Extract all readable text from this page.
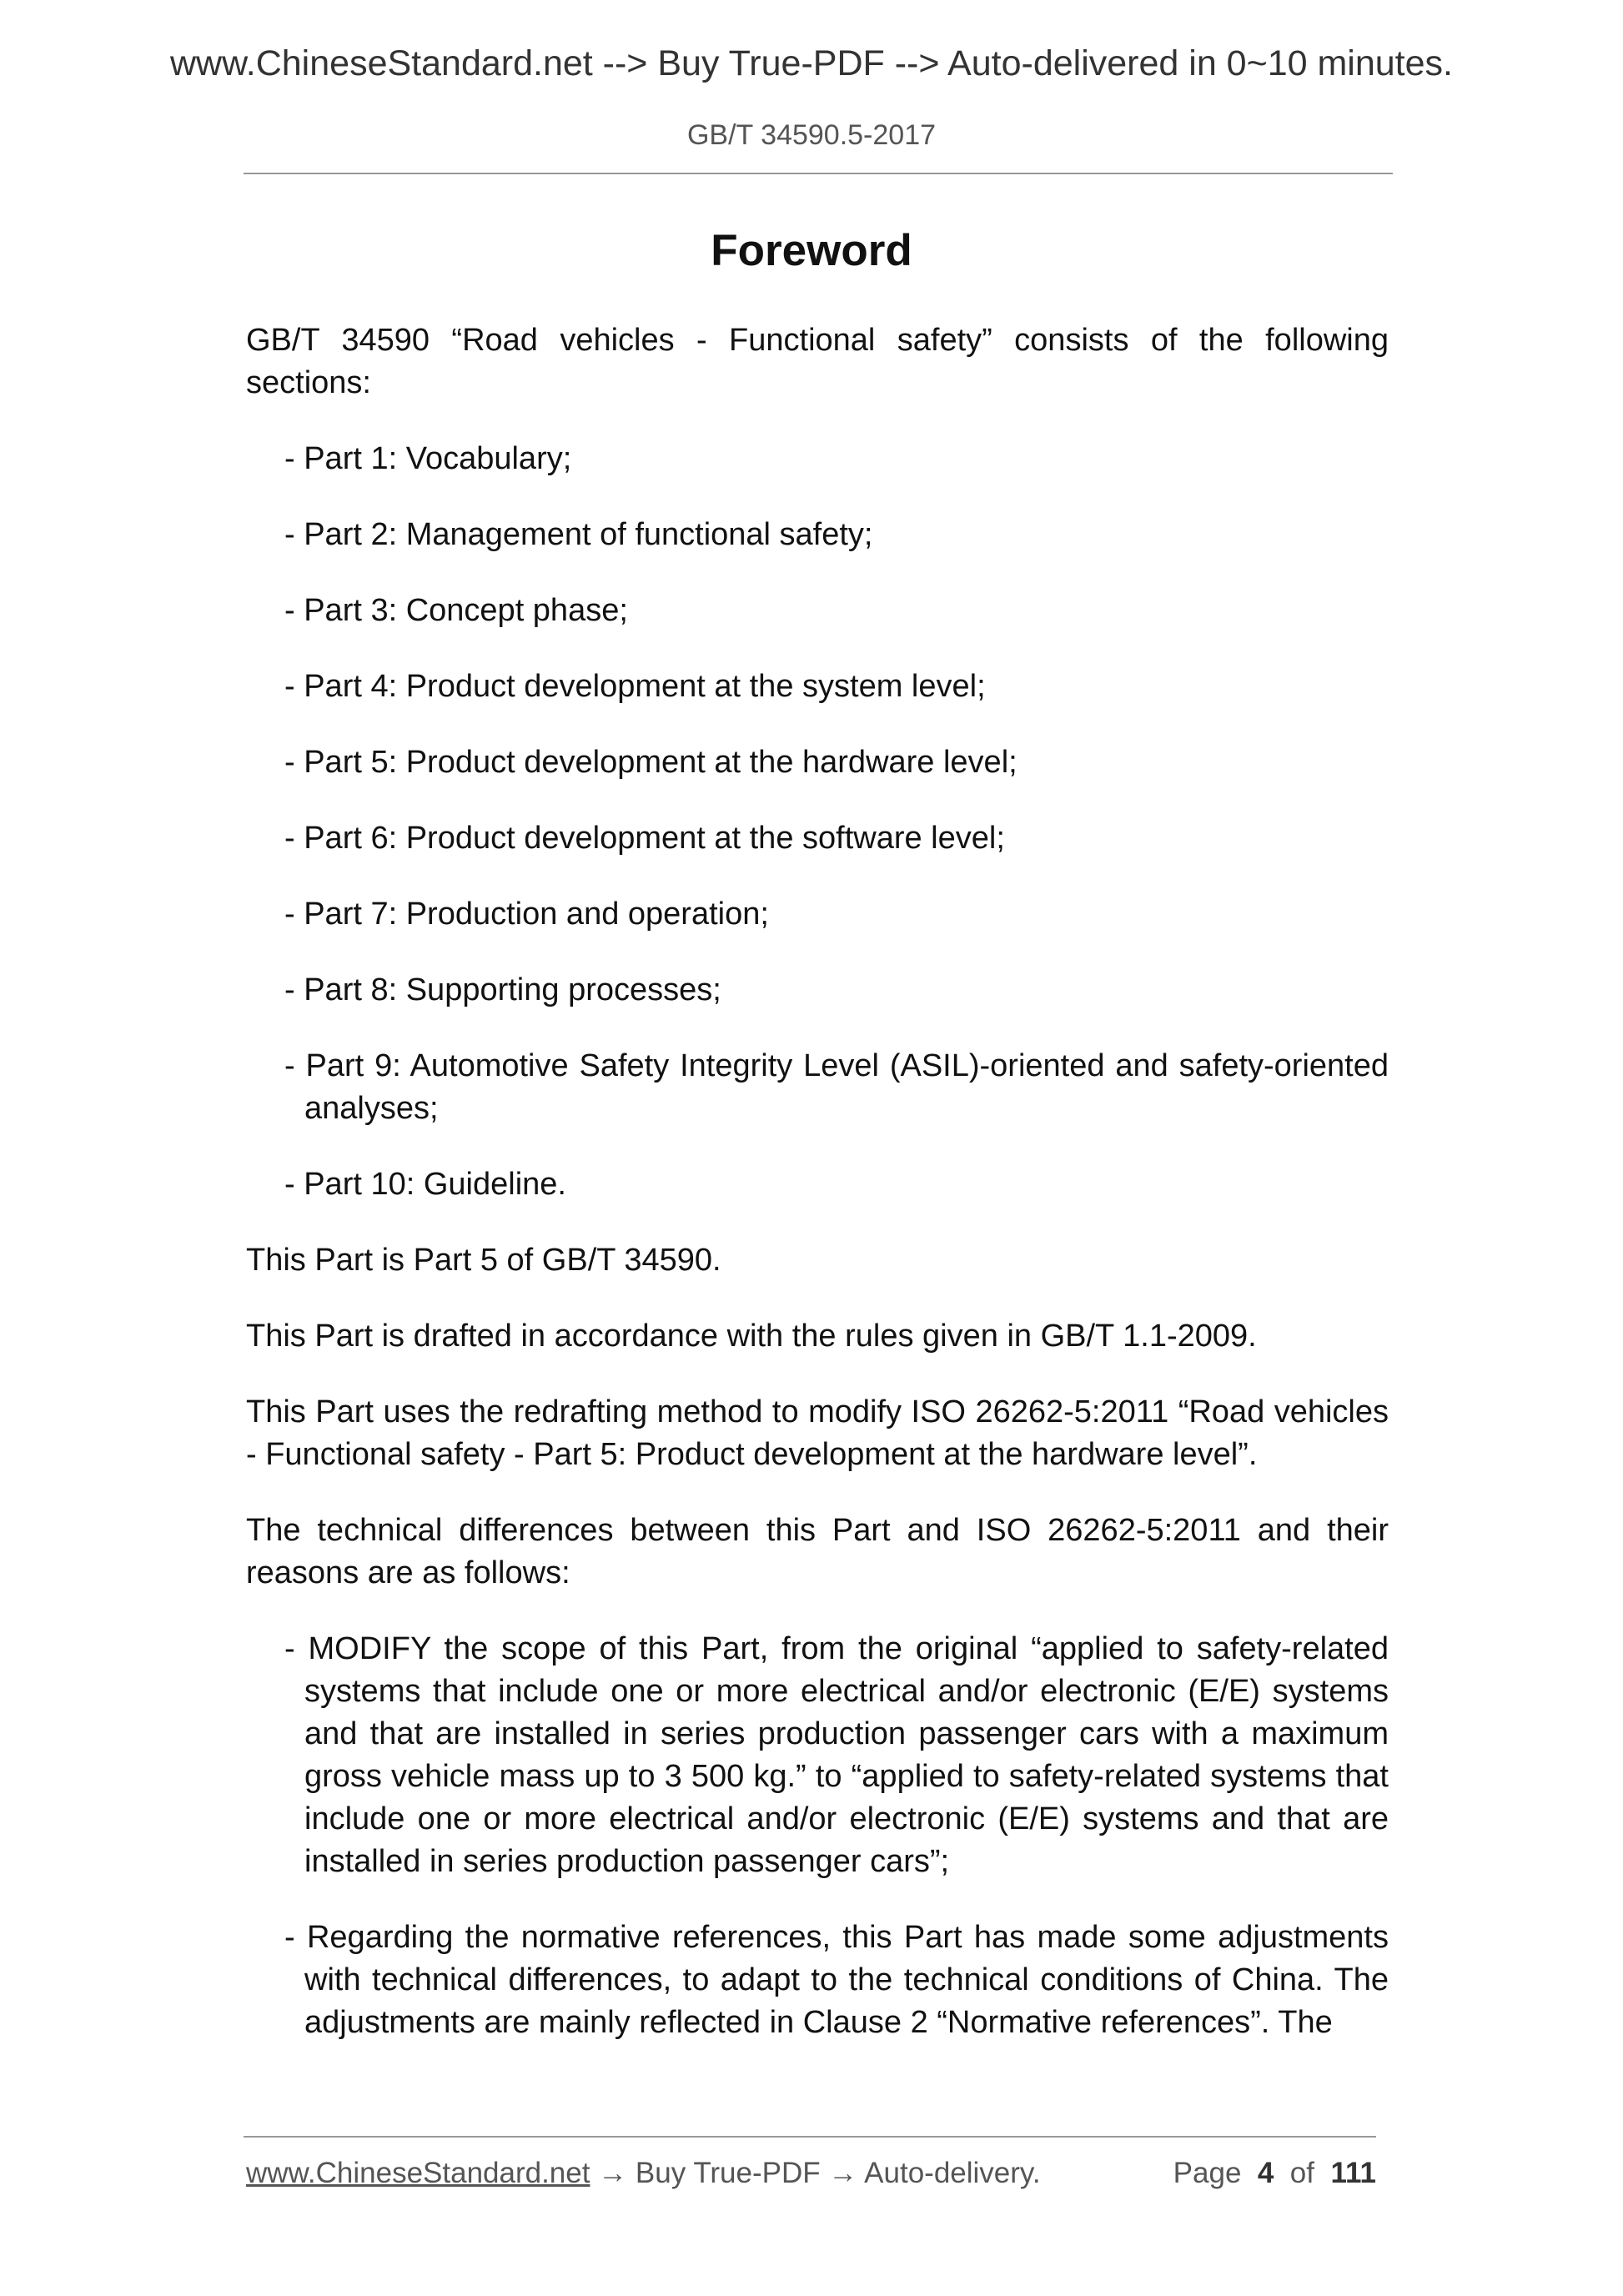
www.ChineseStandard.net --> Buy True-PDF --> Auto-delivered in 0~10 minutes.
GB/T 34590.5-2017
Foreword

GB/T 34590 “Road vehicles - Functional safety” consists of the following sections:

- Part 1: Vocabulary;

- Part 2: Management of functional safety;

- Part 3: Concept phase;

- Part 4: Product development at the system level;

- Part 5: Product development at the hardware level;

- Part 6: Product development at the software level;

- Part 7: Production and operation;

- Part 8: Supporting processes;

- Part 9: Automotive Safety Integrity Level (ASIL)-oriented and safety-oriented analyses;

- Part 10: Guideline.

This Part is Part 5 of GB/T 34590.

This Part is drafted in accordance with the rules given in GB/T 1.1-2009.

This Part uses the redrafting method to modify ISO 26262-5:2011 “Road vehicles - Functional safety - Part 5: Product development at the hardware level”.

The technical differences between this Part and ISO 26262-5:2011 and their reasons are as follows:

- MODIFY the scope of this Part, from the original “applied to safety-related systems that include one or more electrical and/or electronic (E/E) systems and that are installed in series production passenger cars with a maximum gross vehicle mass up to 3 500 kg.” to “applied to safety-related systems that include one or more electrical and/or electronic (E/E) systems and that are installed in series production passenger cars”;

- Regarding the normative references, this Part has made some adjustments with technical differences, to adapt to the technical conditions of China. The adjustments are mainly reflected in Clause 2 “Normative references”. The

www.ChineseStandard.net → Buy True-PDF → Auto-delivery.	Page 4 of 111
